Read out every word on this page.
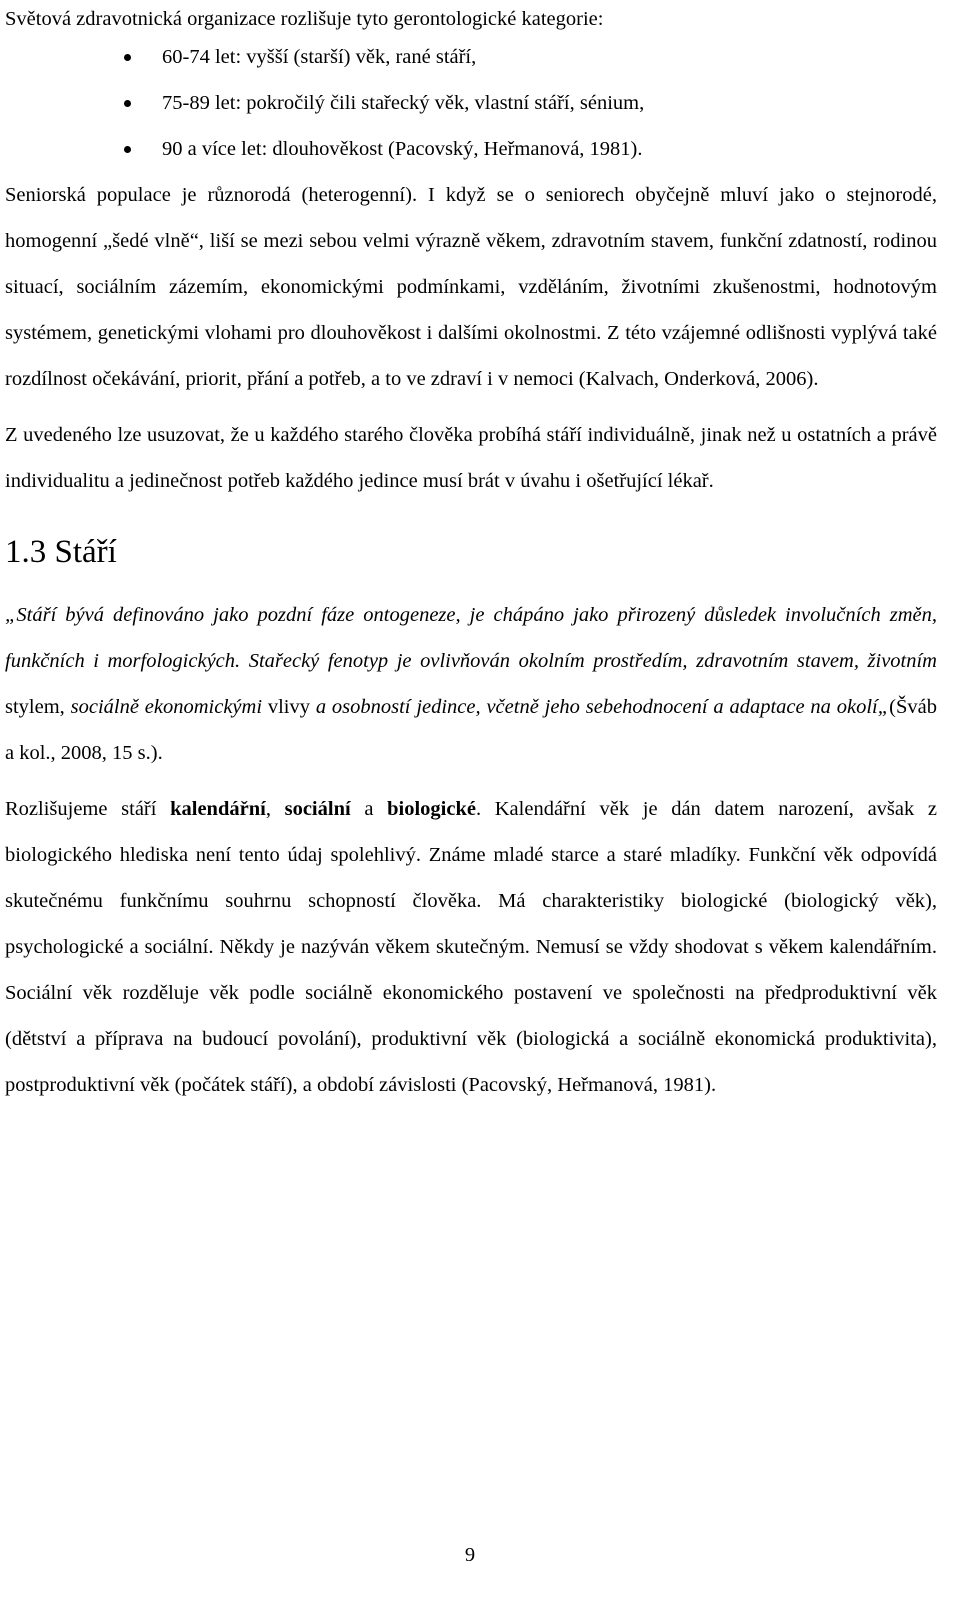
Světová zdravotnická organizace rozlišuje tyto gerontologické kategorie:

60-74 let: vyšší (starší) věk, rané stáří,
75-89 let: pokročilý čili stařecký věk, vlastní stáří, sénium,
90 a více let: dlouhověkost (Pacovský, Heřmanová, 1981).

Seniorská populace je různorodá (heterogenní). I když se o seniorech obyčejně mluví jako o stejnorodé, homogenní „šedé vlně“, liší se mezi sebou velmi výrazně věkem, zdravotním stavem, funkční zdatností, rodinou situací, sociálním zázemím, ekonomickými podmínkami, vzděláním, životními zkušenostmi, hodnotovým systémem, genetickými vlohami pro dlouhověkost i dalšími okolnostmi. Z této vzájemné odlišnosti vyplývá také rozdílnost očekávání, priorit, přání a potřeb, a to ve zdraví i v nemoci (Kalvach, Onderková, 2006).

Z uvedeného lze usuzovat, že u každého starého člověka probíhá stáří individuálně, jinak než u ostatních a právě individualitu a jedinečnost potřeb každého jedince musí brát v úvahu i ošetřující lékař.

1.3 Stáří

„Stáří bývá definováno jako pozdní fáze ontogeneze, je chápáno jako přirozený důsledek involučních změn, funkčních i morfologických. Stařecký fenotyp je ovlivňován okolním prostředím, zdravotním stavem, životním stylem, sociálně ekonomickými vlivy a osobností jedince, včetně jeho sebehodnocení a adaptace na okolí„(Šváb a kol., 2008, 15 s.).

Rozlišujeme stáří kalendářní, sociální a biologické. Kalendářní věk je dán datem narození, avšak z biologického hlediska není tento údaj spolehlivý. Známe mladé starce a staré mladíky. Funkční věk odpovídá skutečnému funkčnímu souhrnu schopností člověka. Má charakteristiky biologické (biologický věk), psychologické a sociální. Někdy je nazýván věkem skutečným. Nemusí se vždy shodovat s věkem kalendářním. Sociální věk rozděluje věk podle sociálně ekonomického postavení ve společnosti na předproduktivní věk (dětství a příprava na budoucí povolání), produktivní věk (biologická a sociálně ekonomická produktivita), postproduktivní věk (počátek stáří), a období závislosti (Pacovský, Heřmanová, 1981).

9
